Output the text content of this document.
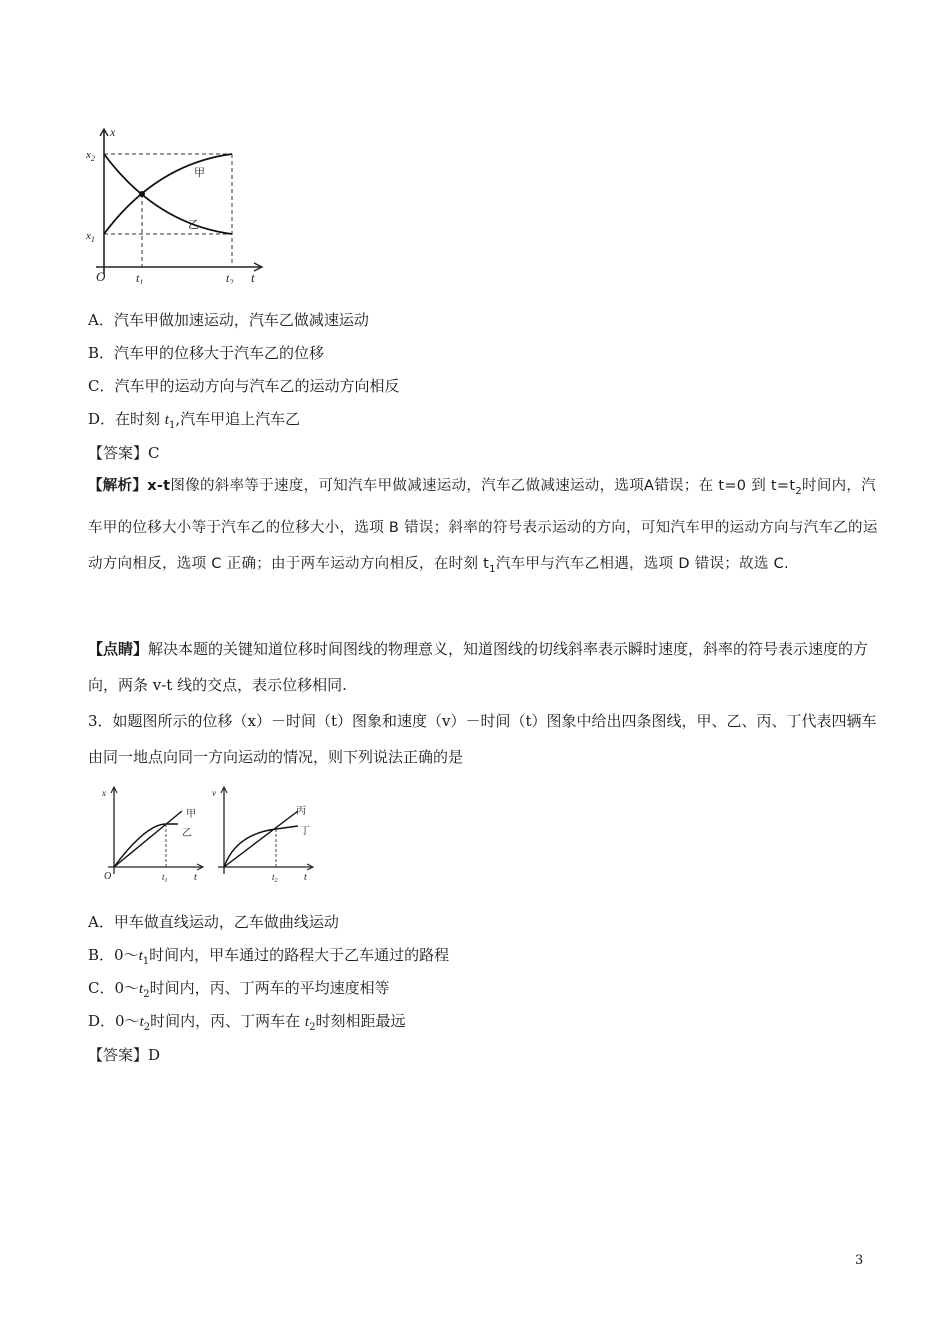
x
$x_2$
$x_1$
O	$t_1$	$t_2$ t
甲
乙
A．汽车甲做加速运动，汽车乙做减速运动
B．汽车甲的位移大于汽车乙的位移
C．汽车甲的运动方向与汽车乙的运动方向相反
D．在时刻 $t_1$,汽车甲追上汽车乙
【答案】C
【解析】x-t图像的斜率等于速度，可知汽车甲做减速运动，汽车乙做减速运动，选项A错误；在 t=0 到 $t=t_2$时间内，汽车甲的位移大小等于汽车乙的位移大小，选项 B 错误；斜率的符号表示运动的方向，可知汽车甲的运动方向与汽车乙的运动方向相反，选项 C 正确；由于两车运动方向相反，在时刻 $t_1$汽车甲与汽车乙相遇，选项 D 错误；故选 C.
【点睛】解决本题的关键知道位移时间图线的物理意义，知道图线的切线斜率表示瞬时速度，斜率的符号表示速度的方向，两条 v-t 线的交点，表示位移相同.
3．如题图所示的位移（x）－时间（t）图象和速度（v）－时间（t）图象中给出四条图线，甲、乙、丙、丁代表四辆车由同一地点向同一方向运动的情况，则下列说法正确的是
x
O	$t_1$	t
甲
乙
v
$t_2$	t
丙
丁
A．甲车做直线运动，乙车做曲线运动
B．$0\sim t_1$时间内，甲车通过的路程大于乙车通过的路程
C．$0\sim t_2$时间内，丙、丁两车的平均速度相等
D．$0\sim t_2$时间内，丙、丁两车在 $t_2$时刻相距最远
【答案】D
3
